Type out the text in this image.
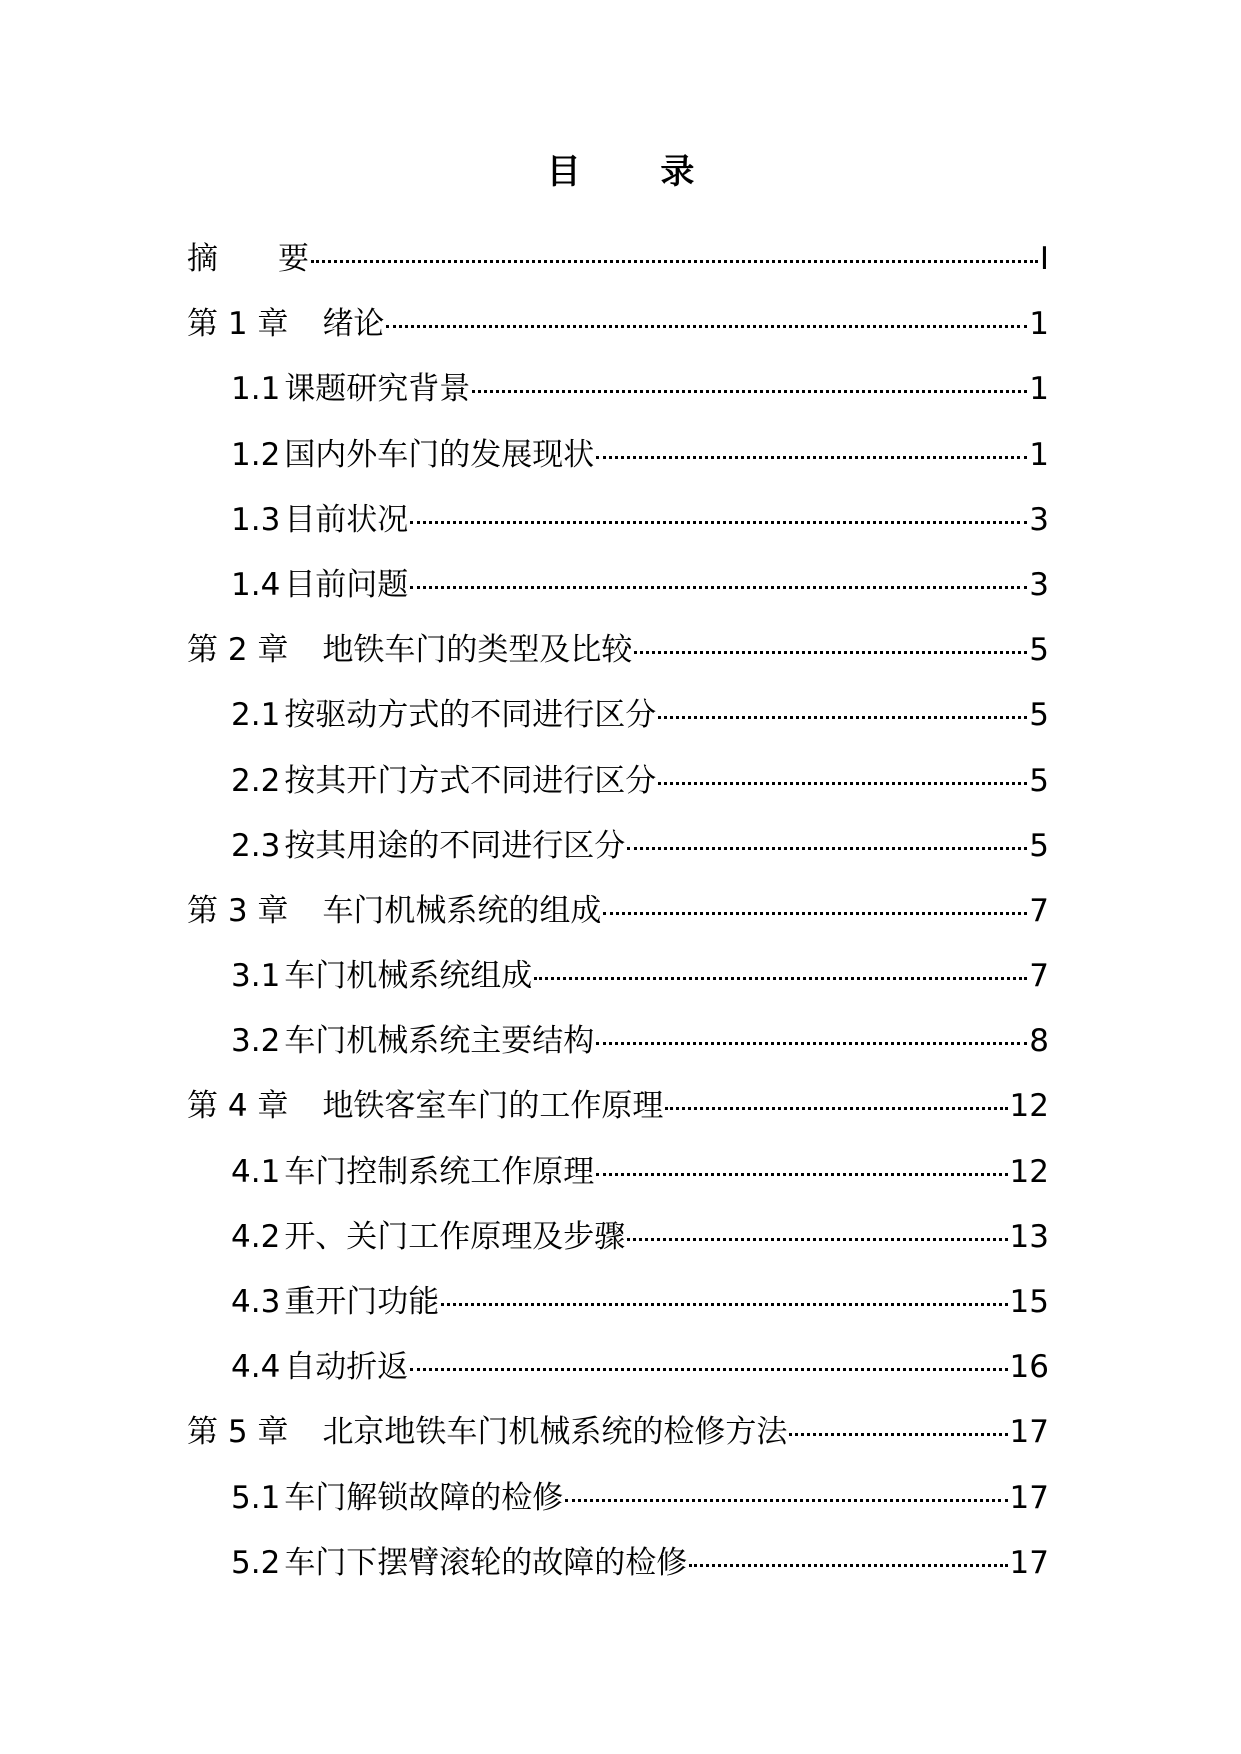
目 录
摘 要	I
第 1 章 绪论	1
1.1 课题研究背景	1
1.2 国内外车门的发展现状	1
1.3 目前状况	3
1.4 目前问题	3
第 2 章 地铁车门的类型及比较	5
2.1 按驱动方式的不同进行区分	5
2.2 按其开门方式不同进行区分	5
2.3 按其用途的不同进行区分	5
第 3 章 车门机械系统的组成	7
3.1 车门机械系统组成	7
3.2 车门机械系统主要结构	8
第 4 章 地铁客室车门的工作原理	12
4.1 车门控制系统工作原理	12
4.2 开、关门工作原理及步骤	13
4.3 重开门功能	15
4.4 自动折返	16
第 5 章 北京地铁车门机械系统的检修方法	17
5.1 车门解锁故障的检修	17
5.2 车门下摆臂滚轮的故障的检修	17
